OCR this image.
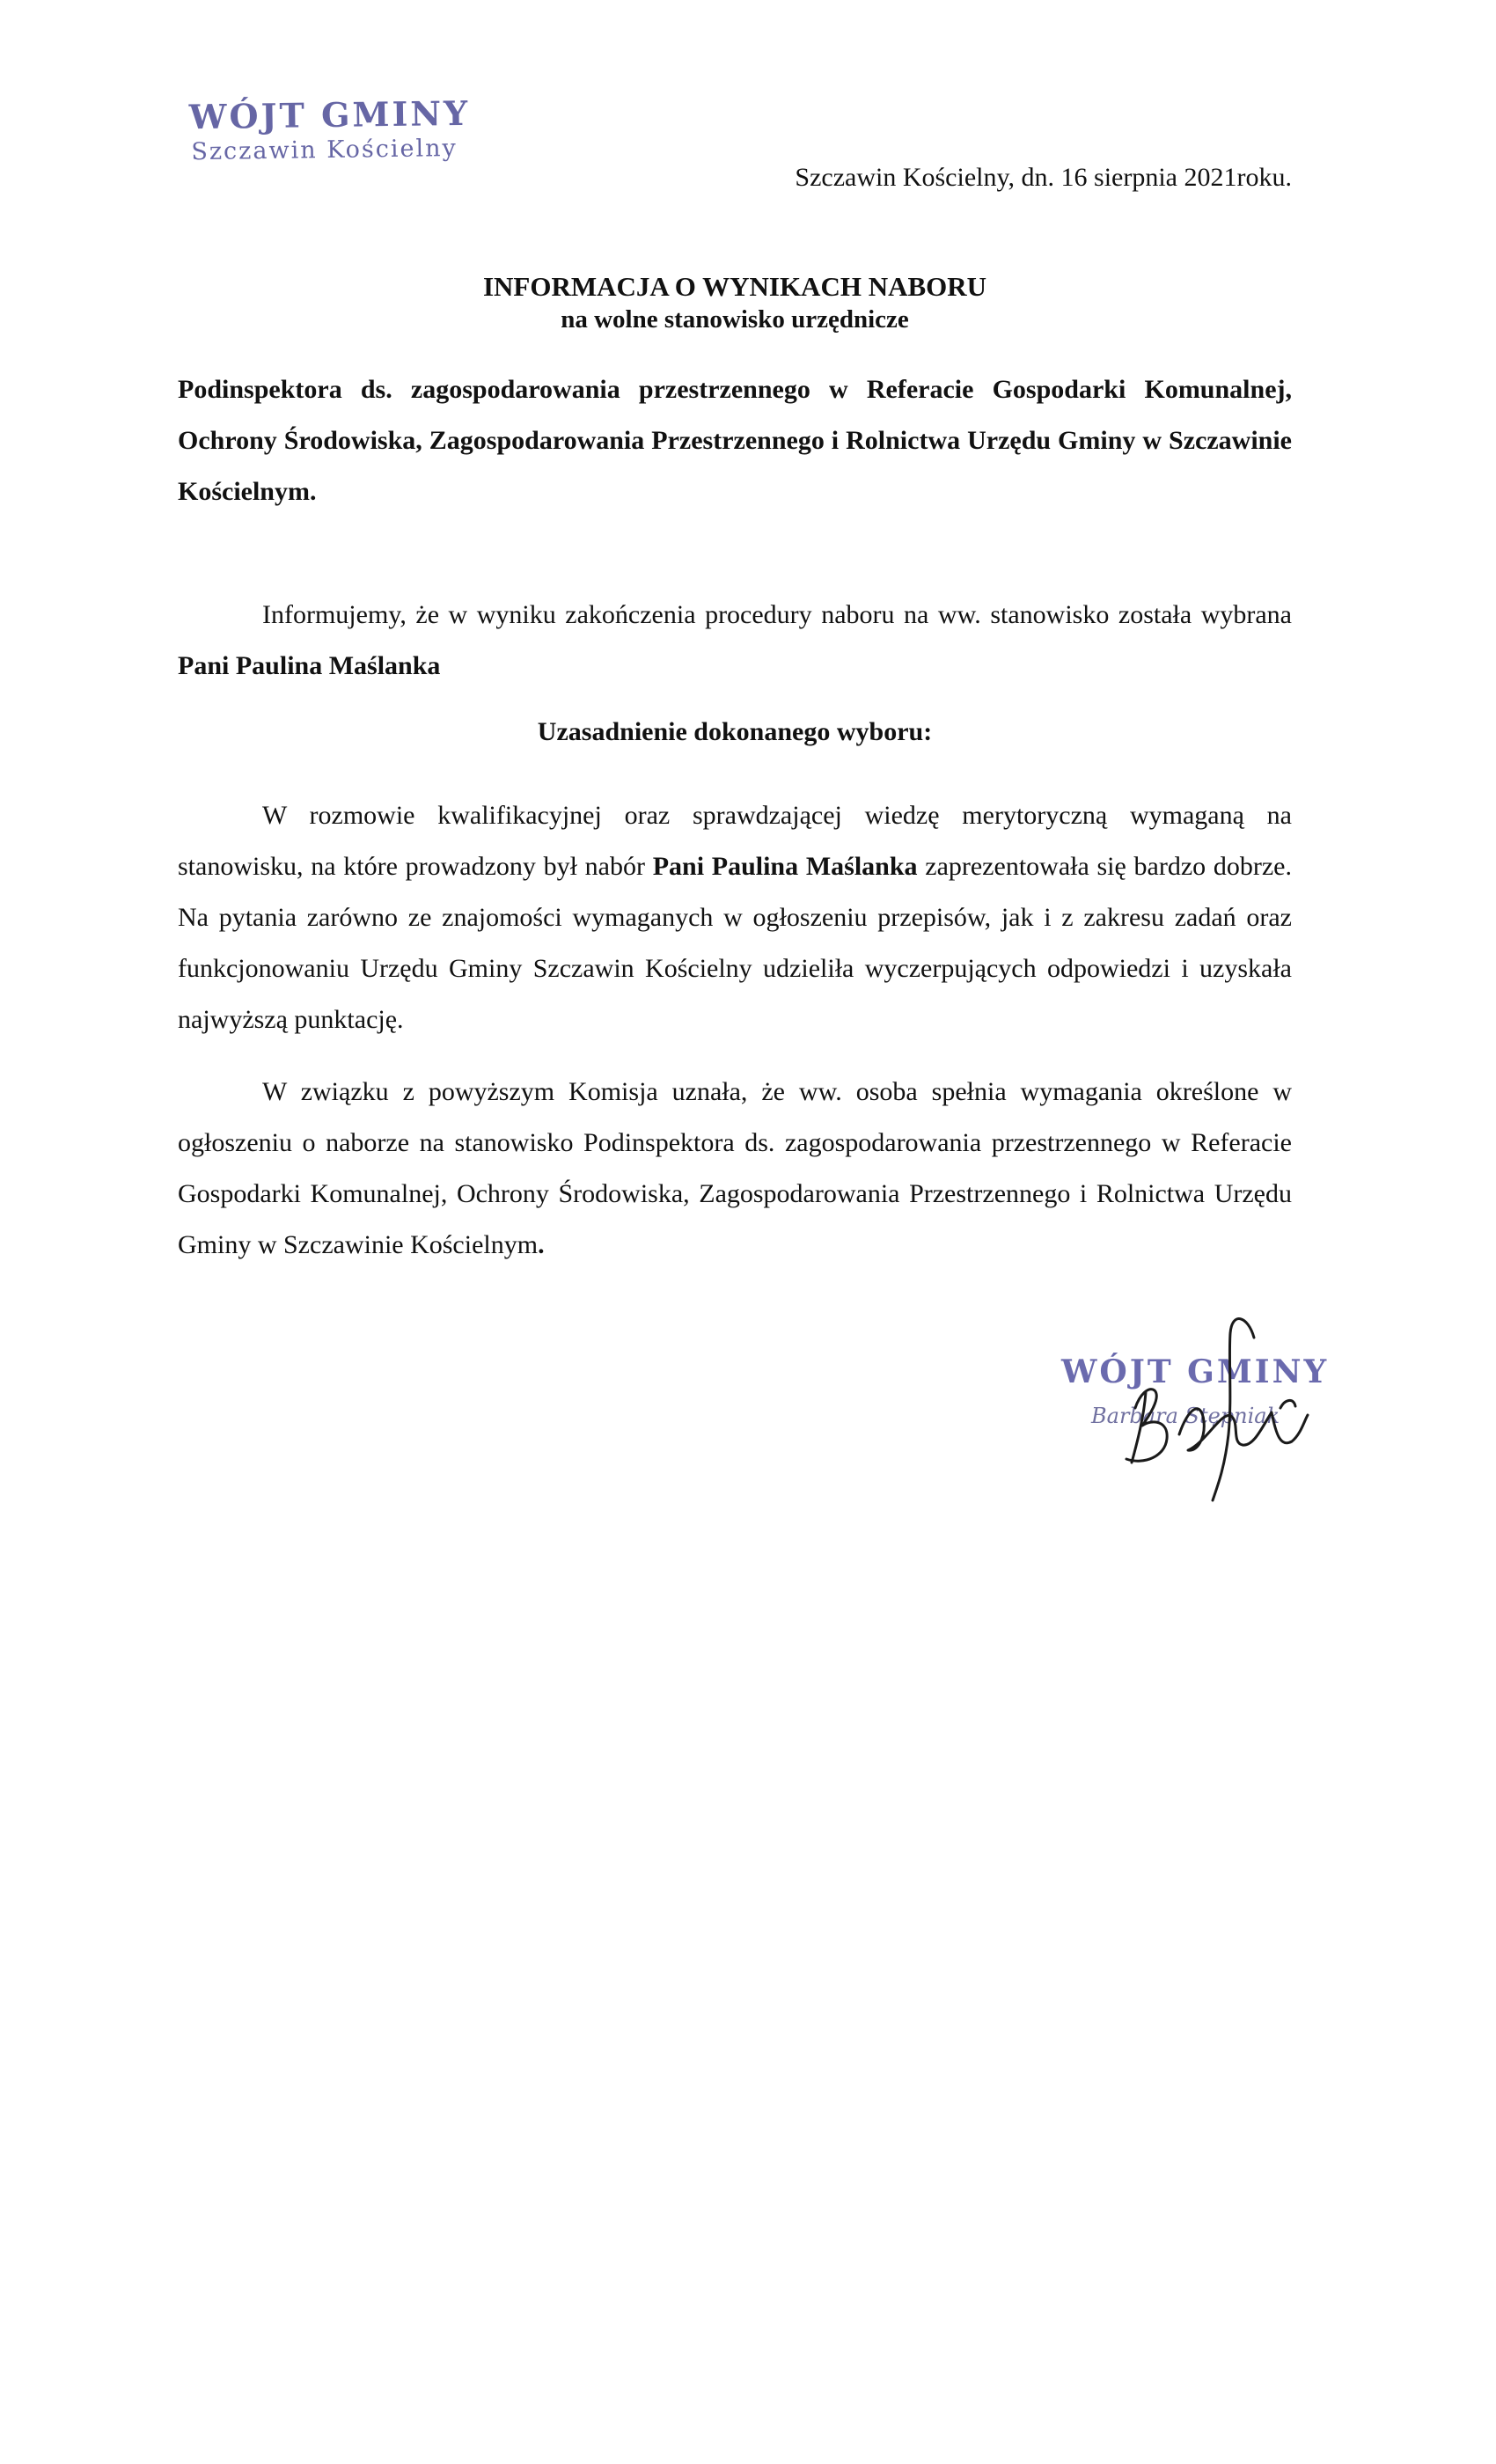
WÓJT GMINY
Szczawin Kościelny
Szczawin Kościelny, dn. 16 sierpnia 2021roku.
INFORMACJA O WYNIKACH NABORU
na wolne stanowisko urzędnicze
Podinspektora ds. zagospodarowania przestrzennego w Referacie Gospodarki Komunalnej, Ochrony Środowiska, Zagospodarowania Przestrzennego i Rolnictwa Urzędu Gminy w Szczawinie Kościelnym.

Informujemy, że w wyniku zakończenia procedury naboru na ww. stanowisko została wybrana Pani Paulina Maślanka

Uzasadnienie dokonanego wyboru:

W rozmowie kwalifikacyjnej oraz sprawdzającej wiedzę merytoryczną wymaganą na stanowisku, na które prowadzony był nabór Pani Paulina Maślanka zaprezentowała się bardzo dobrze. Na pytania zarówno ze znajomości wymaganych w ogłoszeniu przepisów, jak i z zakresu zadań oraz funkcjonowaniu Urzędu Gminy Szczawin Kościelny udzieliła wyczerpujących odpowiedzi i uzyskała najwyższą punktację.

W związku z powyższym Komisja uznała, że ww. osoba spełnia wymagania określone w ogłoszeniu o naborze na stanowisko Podinspektora ds. zagospodarowania przestrzennego w Referacie Gospodarki Komunalnej, Ochrony Środowiska, Zagospodarowania Przestrzennego i Rolnictwa Urzędu Gminy w Szczawinie Kościelnym.

WÓJT GMINY
Barbara Stępniak
